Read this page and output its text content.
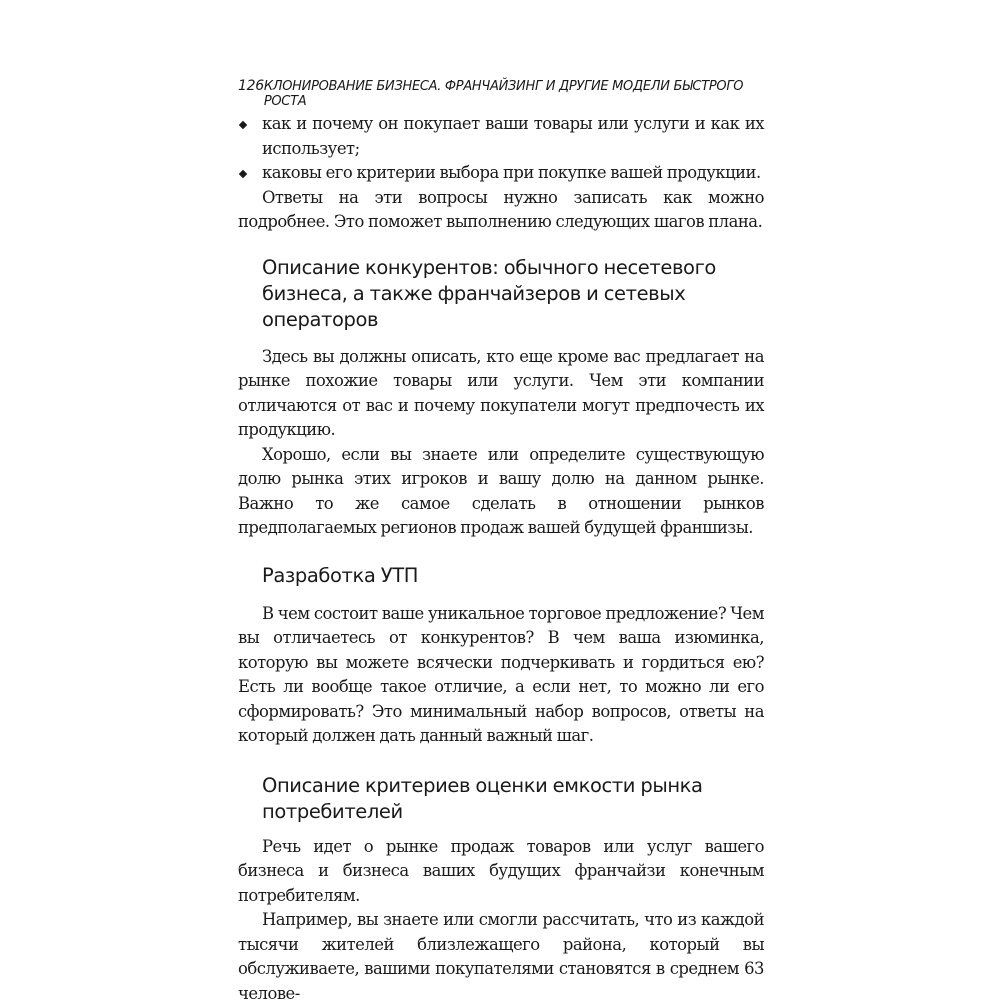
126 КЛОНИРОВАНИЕ БИЗНЕСА. ФРАНЧАЙЗИНГ И ДРУГИЕ МОДЕЛИ БЫСТРОГО РОСТА
как и почему он покупает ваши товары или услуги и как их использует;
каковы его критерии выбора при покупке вашей продукции.

Ответы на эти вопросы нужно записать как можно подробнее. Это поможет выполнению следующих шагов плана.

Описание конкурентов: обычного несетевого бизнеса, а также франчайзеров и сетевых операторов

Здесь вы должны описать, кто еще кроме вас предлагает на рынке похожие товары или услуги. Чем эти компании отличаются от вас и почему покупатели могут предпочесть их продукцию.

Хорошо, если вы знаете или определите существующую долю рынка этих игроков и вашу долю на данном рынке. Важно то же самое сделать в отношении рынков предполагаемых регионов продаж вашей будущей франшизы.

Разработка УТП

В чем состоит ваше уникальное торговое предложение? Чем вы отличаетесь от конкурентов? В чем ваша изюминка, которую вы можете всячески подчеркивать и гордиться ею? Есть ли вообще такое отличие, а если нет, то можно ли его сформировать? Это минимальный набор вопросов, ответы на который должен дать данный важный шаг.

Описание критериев оценки емкости рынка потребителей

Речь идет о рынке продаж товаров или услуг вашего бизнеса и бизнеса ваших будущих франчайзи конечным потребителям.

Например, вы знаете или смогли рассчитать, что из каждой тысячи жителей близлежащего района, который вы обслуживаете, вашими покупателями становятся в среднем 63 челове-
